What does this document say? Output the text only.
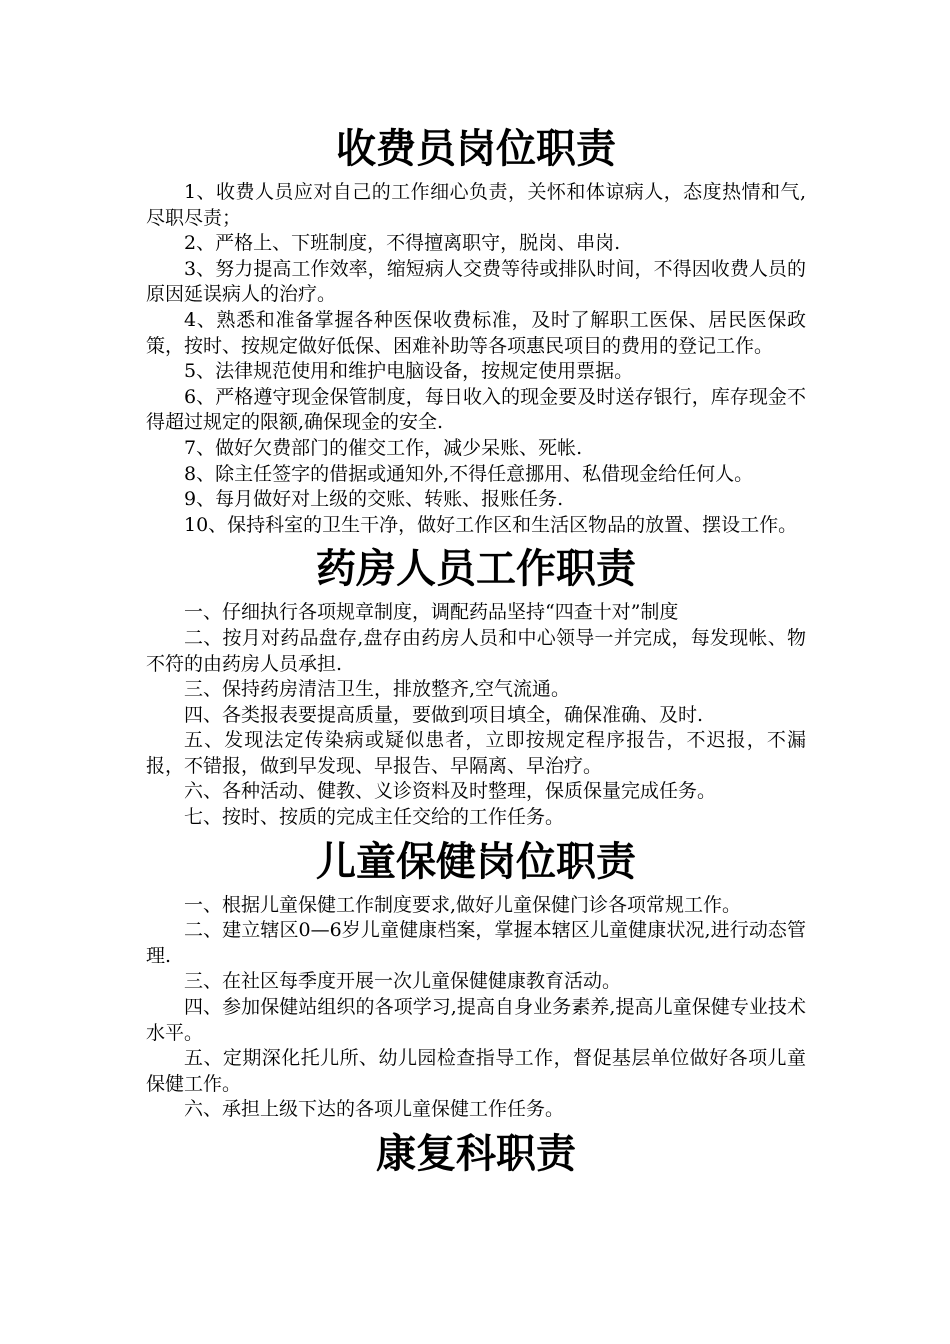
收费员岗位职责

1、收费人员应对自己的工作细心负责，关怀和体谅病人，态度热情和气,尽职尽责；

2、严格上、下班制度，不得擅离职守，脱岗、串岗.

3、努力提高工作效率，缩短病人交费等待或排队时间，不得因收费人员的原因延误病人的治疗。

4、熟悉和准备掌握各种医保收费标准，及时了解职工医保、居民医保政策，按时、按规定做好低保、困难补助等各项惠民项目的费用的登记工作。

5、法律规范使用和维护电脑设备，按规定使用票据。

6、严格遵守现金保管制度，每日收入的现金要及时送存银行，库存现金不得超过规定的限额,确保现金的安全.

7、做好欠费部门的催交工作，减少呆账、死帐.

8、除主任签字的借据或通知外,不得任意挪用、私借现金给任何人。

9、每月做好对上级的交账、转账、报账任务.

10、保持科室的卫生干净，做好工作区和生活区物品的放置、摆设工作。

药房人员工作职责

一、仔细执行各项规章制度，调配药品坚持“四查十对”制度

二、按月对药品盘存,盘存由药房人员和中心领导一并完成，每发现帐、物不符的由药房人员承担.

三、保持药房清洁卫生，排放整齐,空气流通。

四、各类报表要提高质量，要做到项目填全，确保准确、及时.

五、发现法定传染病或疑似患者，立即按规定程序报告，不迟报，不漏报，不错报，做到早发现、早报告、早隔离、早治疗。

六、各种活动、健教、义诊资料及时整理，保质保量完成任务。

七、按时、按质的完成主任交给的工作任务。

儿童保健岗位职责

一、根据儿童保健工作制度要求,做好儿童保健门诊各项常规工作。

二、建立辖区0—6岁儿童健康档案，掌握本辖区儿童健康状况,进行动态管理.

三、在社区每季度开展一次儿童保健健康教育活动。

四、参加保健站组织的各项学习,提高自身业务素养,提高儿童保健专业技术水平。

五、定期深化托儿所、幼儿园检查指导工作，督促基层单位做好各项儿童保健工作。

六、承担上级下达的各项儿童保健工作任务。

康复科职责
